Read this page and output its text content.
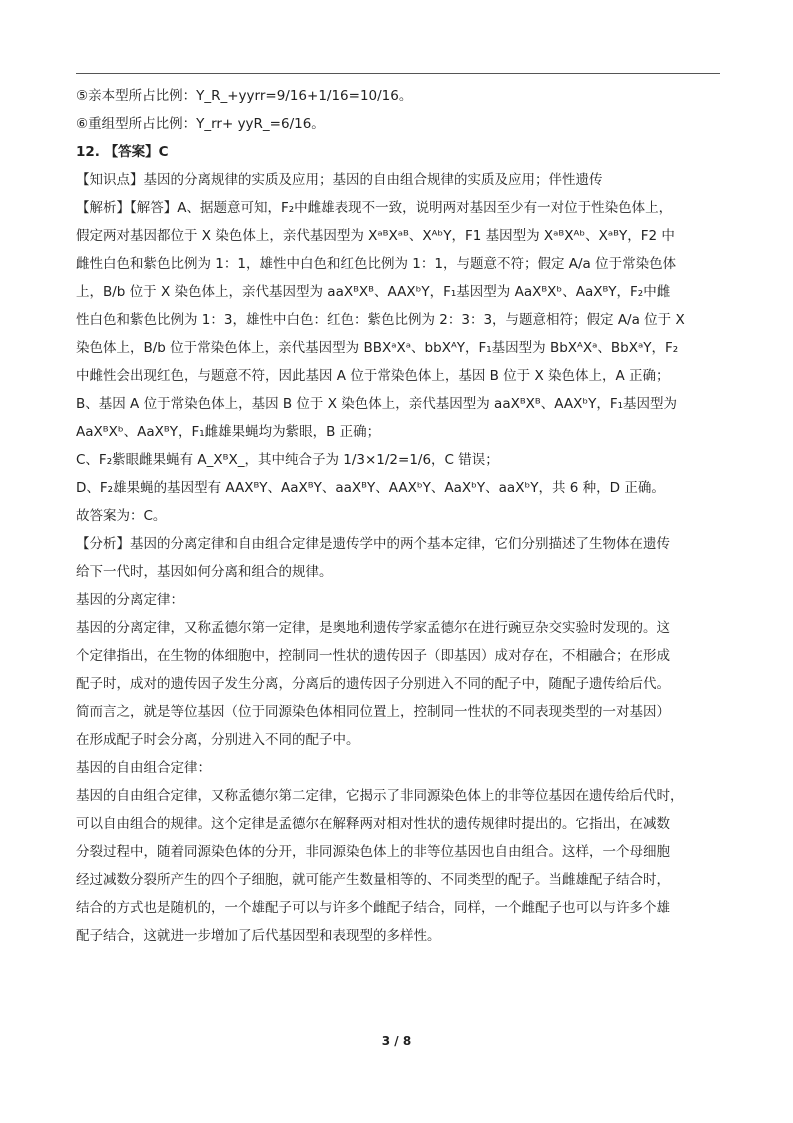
⑤亲本型所占比例：Y_R_+yyrr=9/16+1/16=10/16。
⑥重组型所占比例：Y_rr+ yyR_=6/16。
12. 【答案】C
【知识点】基因的分离规律的实质及应用；基因的自由组合规律的实质及应用；伴性遗传
【解析】【解答】A、据题意可知，F₂中雌雄表现不一致，说明两对基因至少有一对位于性染色体上，
假定两对基因都位于 X 染色体上，亲代基因型为 XᵃᴮXᵃᴮ、XᴬᵇY，F1 基因型为 XᵃᴮXᴬᵇ、XᵃᴮY，F2 中
雌性白色和紫色比例为 1：1，雄性中白色和红色比例为 1：1，与题意不符；假定 A/a 位于常染色体
上，B/b 位于 X 染色体上，亲代基因型为 aaXᴮXᴮ、AAXᵇY，F₁基因型为 AaXᴮXᵇ、AaXᴮY，F₂中雌
性白色和紫色比例为 1：3，雄性中白色：红色：紫色比例为 2：3：3，与题意相符；假定 A/a 位于 X
染色体上，B/b 位于常染色体上，亲代基因型为 BBXᵃXᵃ、bbXᴬY，F₁基因型为 BbXᴬXᵃ、BbXᵃY，F₂
中雌性会出现红色，与题意不符，因此基因 A 位于常染色体上，基因 B 位于 X 染色体上，A 正确；
B、基因 A 位于常染色体上，基因 B 位于 X 染色体上，亲代基因型为 aaXᴮXᴮ、AAXᵇY，F₁基因型为
AaXᴮXᵇ、AaXᴮY，F₁雌雄果蝇均为紫眼，B 正确；
C、F₂紫眼雌果蝇有 A_XᴮX_，其中纯合子为 1/3×1/2=1/6，C 错误；
D、F₂雄果蝇的基因型有 AAXᴮY、AaXᴮY、aaXᴮY、AAXᵇY、AaXᵇY、aaXᵇY，共 6 种，D 正确。
故答案为：C。
【分析】基因的分离定律和自由组合定律是遗传学中的两个基本定律，它们分别描述了生物体在遗传
给下一代时，基因如何分离和组合的规律。
基因的分离定律：
基因的分离定律，又称孟德尔第一定律，是奥地利遗传学家孟德尔在进行豌豆杂交实验时发现的。这
个定律指出，在生物的体细胞中，控制同一性状的遗传因子（即基因）成对存在，不相融合；在形成
配子时，成对的遗传因子发生分离，分离后的遗传因子分别进入不同的配子中，随配子遗传给后代。
简而言之，就是等位基因（位于同源染色体相同位置上，控制同一性状的不同表现类型的一对基因）
在形成配子时会分离，分别进入不同的配子中。
基因的自由组合定律：
基因的自由组合定律，又称孟德尔第二定律，它揭示了非同源染色体上的非等位基因在遗传给后代时，
可以自由组合的规律。这个定律是孟德尔在解释两对相对性状的遗传规律时提出的。它指出，在减数
分裂过程中，随着同源染色体的分开，非同源染色体上的非等位基因也自由组合。这样，一个母细胞
经过减数分裂所产生的四个子细胞，就可能产生数量相等的、不同类型的配子。当雌雄配子结合时，
结合的方式也是随机的，一个雄配子可以与许多个雌配子结合，同样，一个雌配子也可以与许多个雄
配子结合，这就进一步增加了后代基因型和表现型的多样性。
3 / 8
